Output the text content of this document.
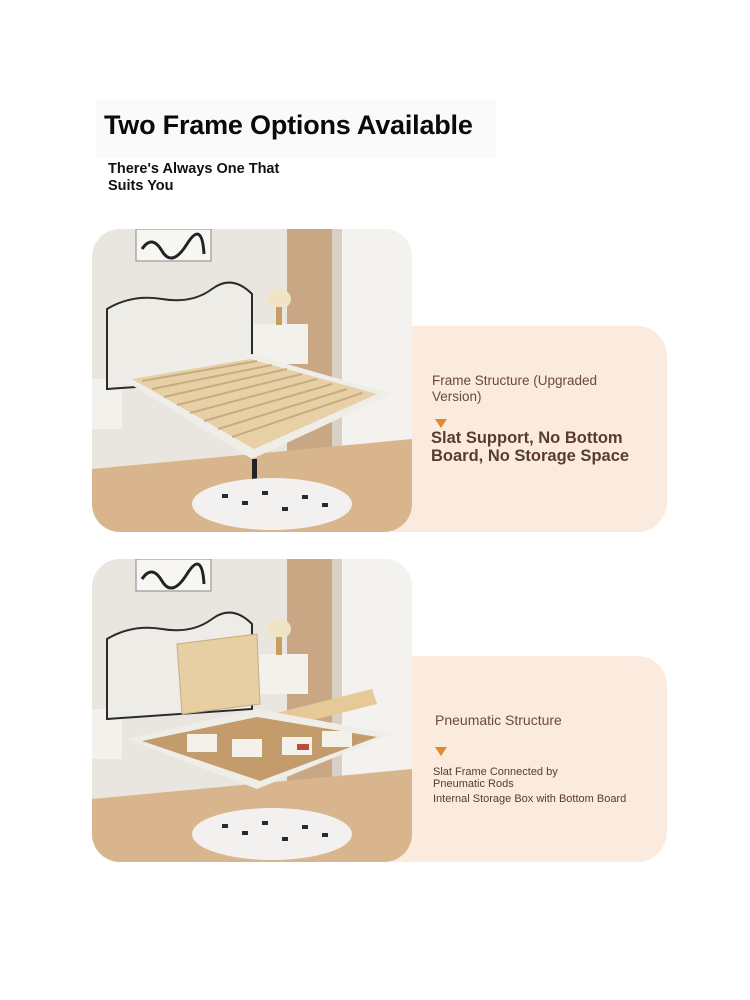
Two Frame Options Available
There's Always One That Suits You
Frame Structure (Upgraded Version)
Slat Support, No Bottom Board, No Storage Space
Pneumatic Structure
Slat Frame Connected by Pneumatic Rods
Internal Storage Box with Bottom Board
